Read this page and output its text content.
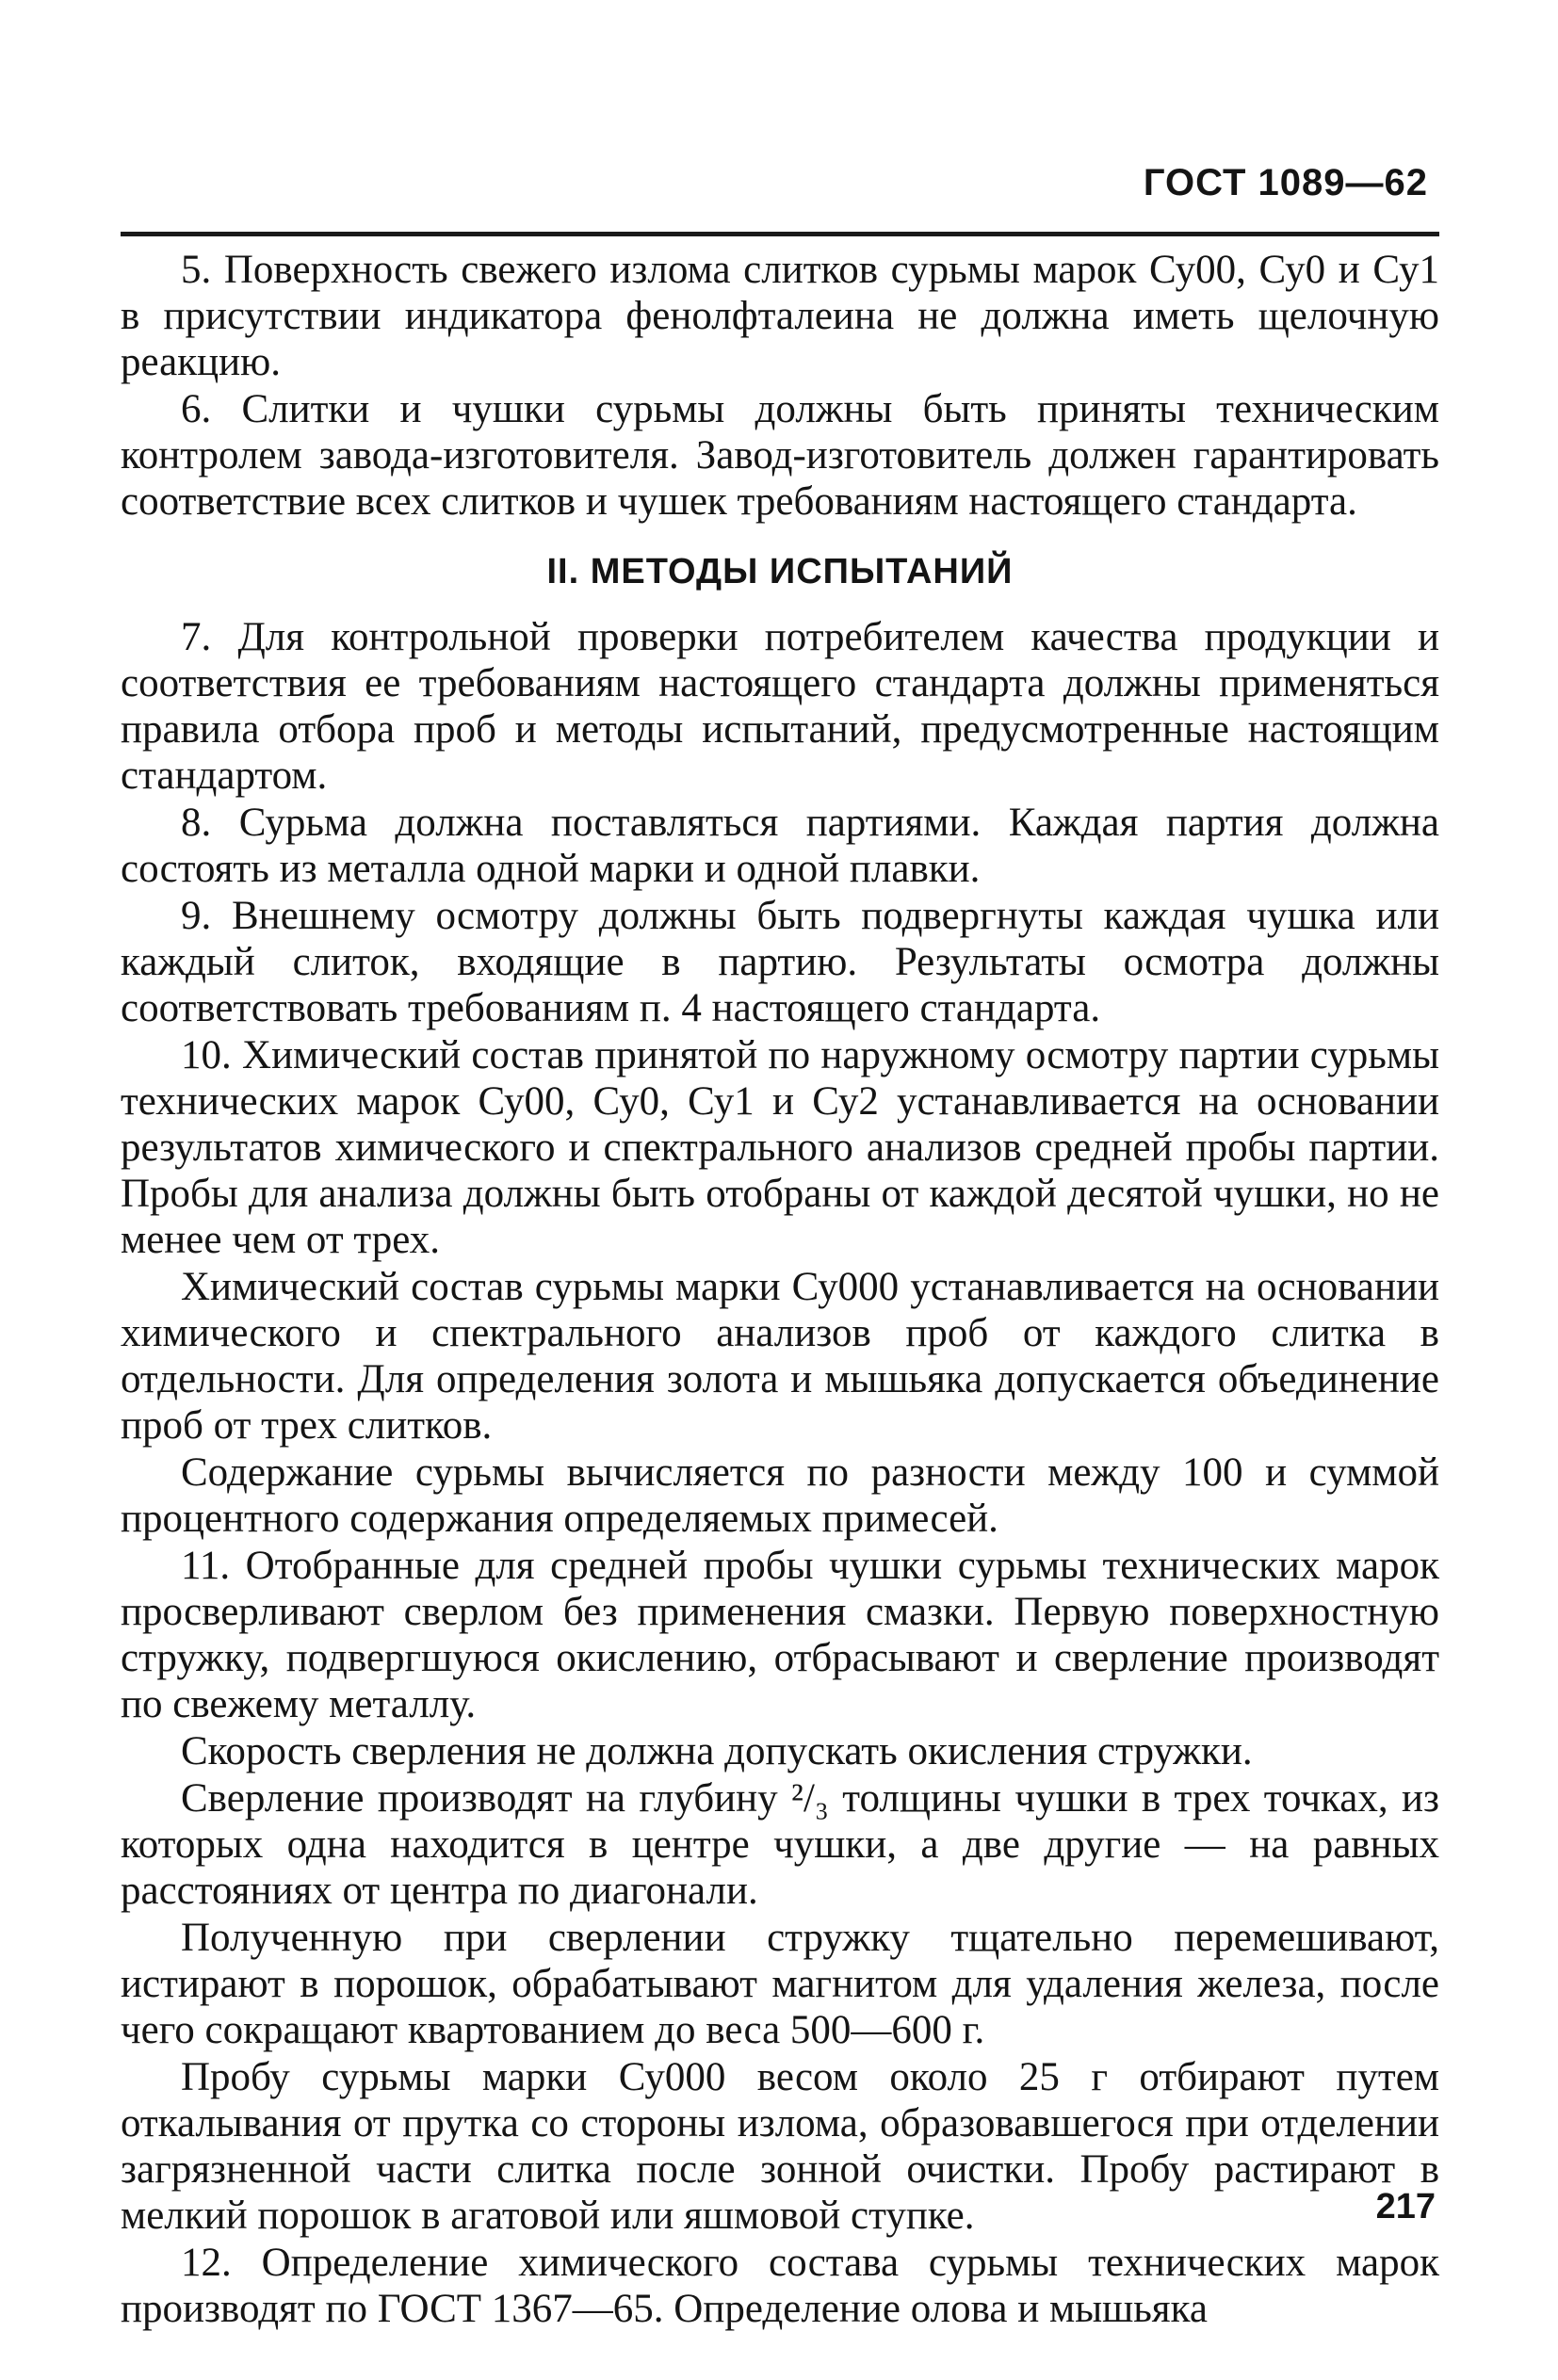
ГОСТ 1089—62

5. Поверхность свежего излома слитков сурьмы марок Су00, Су0 и Су1 в присутствии индикатора фенолфталеина не должна иметь щелочную реакцию.

6. Слитки и чушки сурьмы должны быть приняты техническим контролем завода-изготовителя. Завод-изготовитель должен гарантировать соответствие всех слитков и чушек требованиям настоящего стандарта.

II. МЕТОДЫ ИСПЫТАНИЙ

7. Для контрольной проверки потребителем качества продукции и соответствия ее требованиям настоящего стандарта должны применяться правила отбора проб и методы испытаний, предусмотренные настоящим стандартом.

8. Сурьма должна поставляться партиями. Каждая партия должна состоять из металла одной марки и одной плавки.

9. Внешнему осмотру должны быть подвергнуты каждая чушка или каждый слиток, входящие в партию. Результаты осмотра должны соответствовать требованиям п. 4 настоящего стандарта.

10. Химический состав принятой по наружному осмотру партии сурьмы технических марок Су00, Су0, Су1 и Су2 устанавливается на основании результатов химического и спектрального анализов средней пробы партии. Пробы для анализа должны быть отобраны от каждой десятой чушки, но не менее чем от трех.

Химический состав сурьмы марки Су000 устанавливается на основании химического и спектрального анализов проб от каждого слитка в отдельности. Для определения золота и мышьяка допускается объединение проб от трех слитков.

Содержание сурьмы вычисляется по разности между 100 и суммой процентного содержания определяемых примесей.

11. Отобранные для средней пробы чушки сурьмы технических марок просверливают сверлом без применения смазки. Первую поверхностную стружку, подвергшуюся окислению, отбрасывают и сверление производят по свежему металлу.

Скорость сверления не должна допускать окисления стружки.

Сверление производят на глубину ²/₃ толщины чушки в трех точках, из которых одна находится в центре чушки, а две другие — на равных расстояниях от центра по диагонали.

Полученную при сверлении стружку тщательно перемешивают, истирают в порошок, обрабатывают магнитом для удаления железа, после чего сокращают квартованием до веса 500—600 г.

Пробу сурьмы марки Су000 весом около 25 г отбирают путем откалывания от прутка со стороны излома, образовавшегося при отделении загрязненной части слитка после зонной очистки. Пробу растирают в мелкий порошок в агатовой или яшмовой ступке.

12. Определение химического состава сурьмы технических марок производят по ГОСТ 1367—65. Определение олова и мышьяка

217
